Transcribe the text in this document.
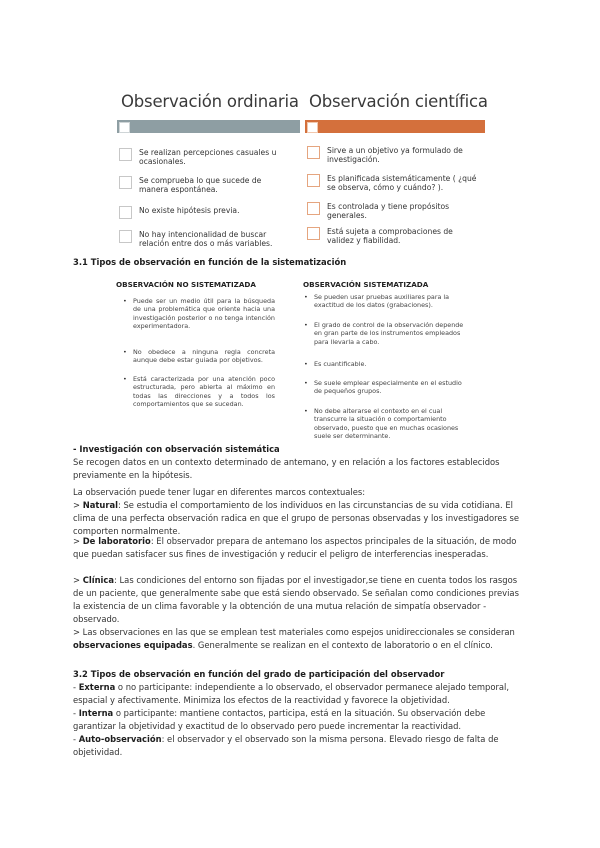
Observación ordinaria Observación científica
Se realizan percepciones casuales u ocasionales.
Se comprueba lo que sucede de manera espontánea.
No existe hipótesis previa.
No hay intencionalidad de buscar relación entre dos o más variables.
Sirve a un objetivo ya formulado de investigación.
Es planificada sistemáticamente ( ¿qué se observa, cómo y cuándo? ).
Es controlada y tiene propósitos generales.
Está sujeta a comprobaciones de validez y fiabilidad.
3.1 Tipos de observación en función de la sistematización
OBSERVACIÓN NO SISTEMATIZADA
• Puede ser un medio útil para la búsqueda de una problemática que oriente hacia una investigación posterior o no tenga intención experimentadora.
• No obedece a ninguna regla concreta aunque debe estar guiada por objetivos.
• Está caracterizada por una atención poco estructurada, pero abierta al máximo en todas las direcciones y a todos los comportamientos que se sucedan.
OBSERVACIÓN SISTEMATIZADA
• Se pueden usar pruebas auxiliares para la exactitud de los datos (grabaciones).
• El grado de control de la observación depende en gran parte de los instrumentos empleados para llevarla a cabo.
• Es cuantificable.
• Se suele emplear especialmente en el estudio de pequeños grupos.
• No debe alterarse el contexto en el cual transcurre la situación o comportamiento observado, puesto que en muchas ocasiones suele ser determinante.
- Investigación con observación sistemática
Se recogen datos en un contexto determinado de antemano, y en relación a los factores establecidos previamente en la hipótesis.
La observación puede tener lugar en diferentes marcos contextuales:
> Natural: Se estudia el comportamiento de los individuos en las circunstancias de su vida cotidiana. El clima de una perfecta observación radica en que el grupo de personas observadas y los investigadores se comporten normalmente.
> De laboratorio: El observador prepara de antemano los aspectos principales de la situación, de modo que puedan satisfacer sus fines de investigación y reducir el peligro de interferencias inesperadas.
> Clínica: Las condiciones del entorno son fijadas por el investigador,se tiene en cuenta todos los rasgos de un paciente, que generalmente sabe que está siendo observado. Se señalan como condiciones previas la existencia de un clima favorable y la obtención de una mutua relación de simpatía observador -observado.
> Las observaciones en las que se emplean test materiales como espejos unidireccionales se consideran observaciones equipadas. Generalmente se realizan en el contexto de laboratorio o en el clínico.
3.2 Tipos de observación en función del grado de participación del observador
- Externa o no participante: independiente a lo observado, el observador permanece alejado temporal, espacial y afectivamente. Minimiza los efectos de la reactividad y favorece la objetividad.
- Interna o participante: mantiene contactos, participa, está en la situación. Su observación debe garantizar la objetividad y exactitud de lo observado pero puede incrementar la reactividad.
- Auto-observación: el observador y el observado son la misma persona. Elevado riesgo de falta de objetividad.
